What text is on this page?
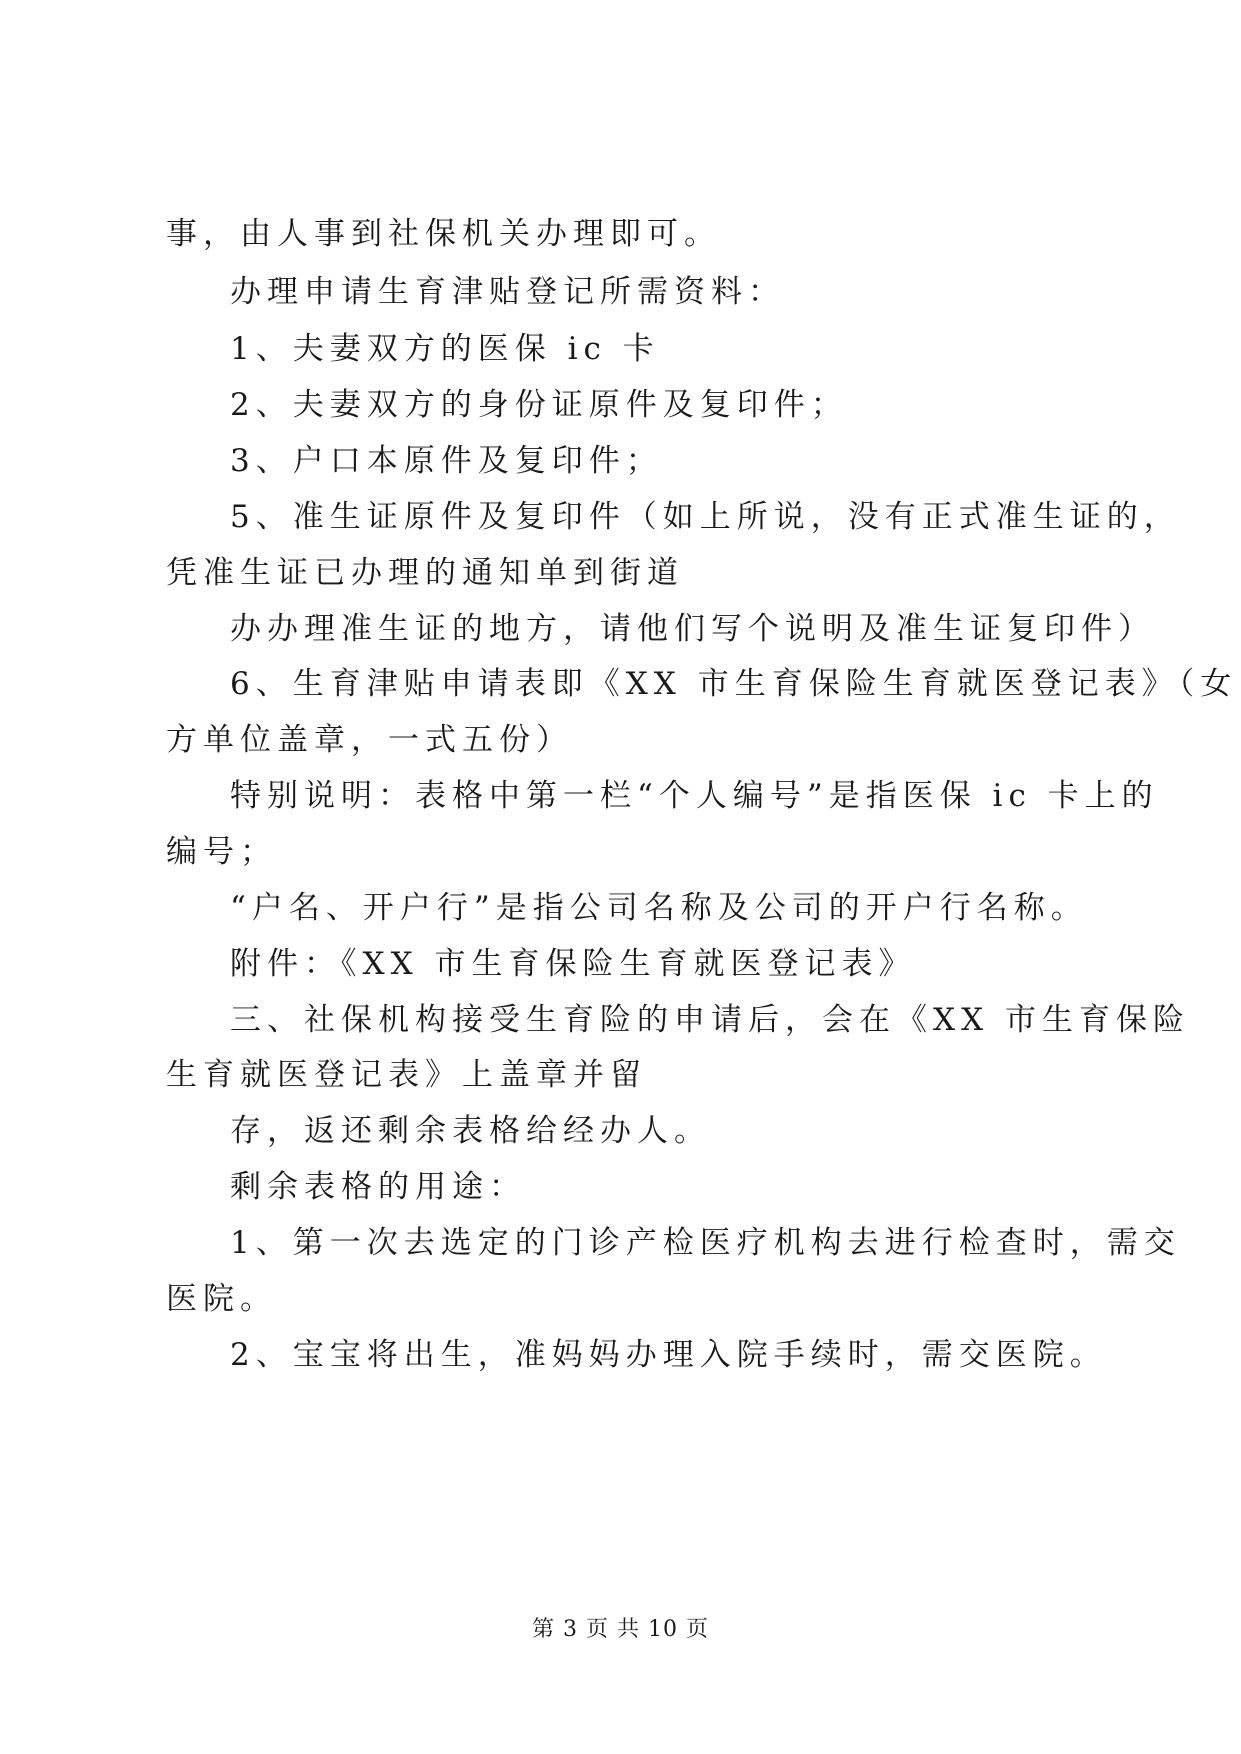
事，由人事到社保机关办理即可。
办理申请生育津贴登记所需资料：
1、夫妻双方的医保 ic 卡
2、夫妻双方的身份证原件及复印件；
3、户口本原件及复印件；
5、准生证原件及复印件（如上所说，没有正式准生证的，
凭准生证已办理的通知单到街道
办办理准生证的地方，请他们写个说明及准生证复印件）
6、生育津贴申请表即《XX 市生育保险生育就医登记表》（女
方单位盖章，一式五份）
特别说明：表格中第一栏“个人编号”是指医保 ic 卡上的
编号；
“户名、开户行”是指公司名称及公司的开户行名称。
附件：《XX 市生育保险生育就医登记表》
三、社保机构接受生育险的申请后，会在《XX 市生育保险
生育就医登记表》上盖章并留
存，返还剩余表格给经办人。
剩余表格的用途：
1、第一次去选定的门诊产检医疗机构去进行检查时，需交
医院。
2、宝宝将出生，准妈妈办理入院手续时，需交医院。
第 3 页 共 10 页
